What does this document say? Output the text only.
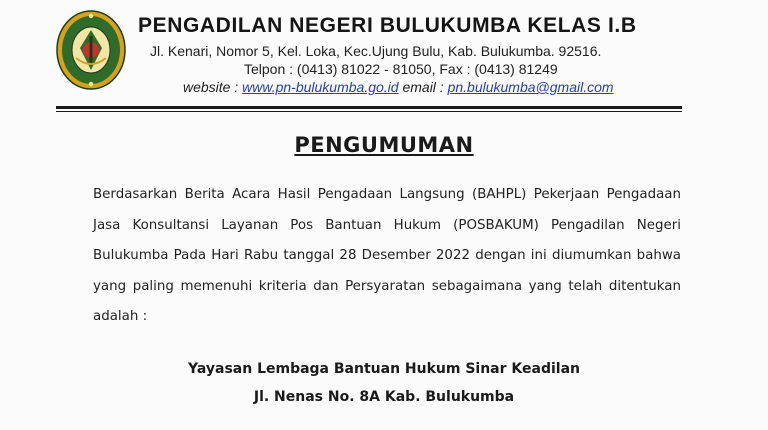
PENGADILAN NEGERI BULUKUMBA KELAS I.B
Jl. Kenari, Nomor 5, Kel. Loka, Kec.Ujung Bulu, Kab. Bulukumba. 92516.
Telpon : (0413) 81022 - 81050, Fax : (0413) 81249
website : www.pn-bulukumba.go.id email : pn.bulukumba@gmail.com
PENGUMUMAN
Berdasarkan Berita Acara Hasil Pengadaan Langsung (BAHPL) Pekerjaan Pengadaan
Jasa Konsultansi Layanan Pos Bantuan Hukum (POSBAKUM) Pengadilan Negeri
Bulukumba Pada Hari Rabu tanggal 28 Desember 2022 dengan ini diumumkan bahwa
yang paling memenuhi kriteria dan Persyaratan sebagaimana yang telah ditentukan
adalah :
Yayasan Lembaga Bantuan Hukum Sinar Keadilan
Jl. Nenas No. 8A Kab. Bulukumba
